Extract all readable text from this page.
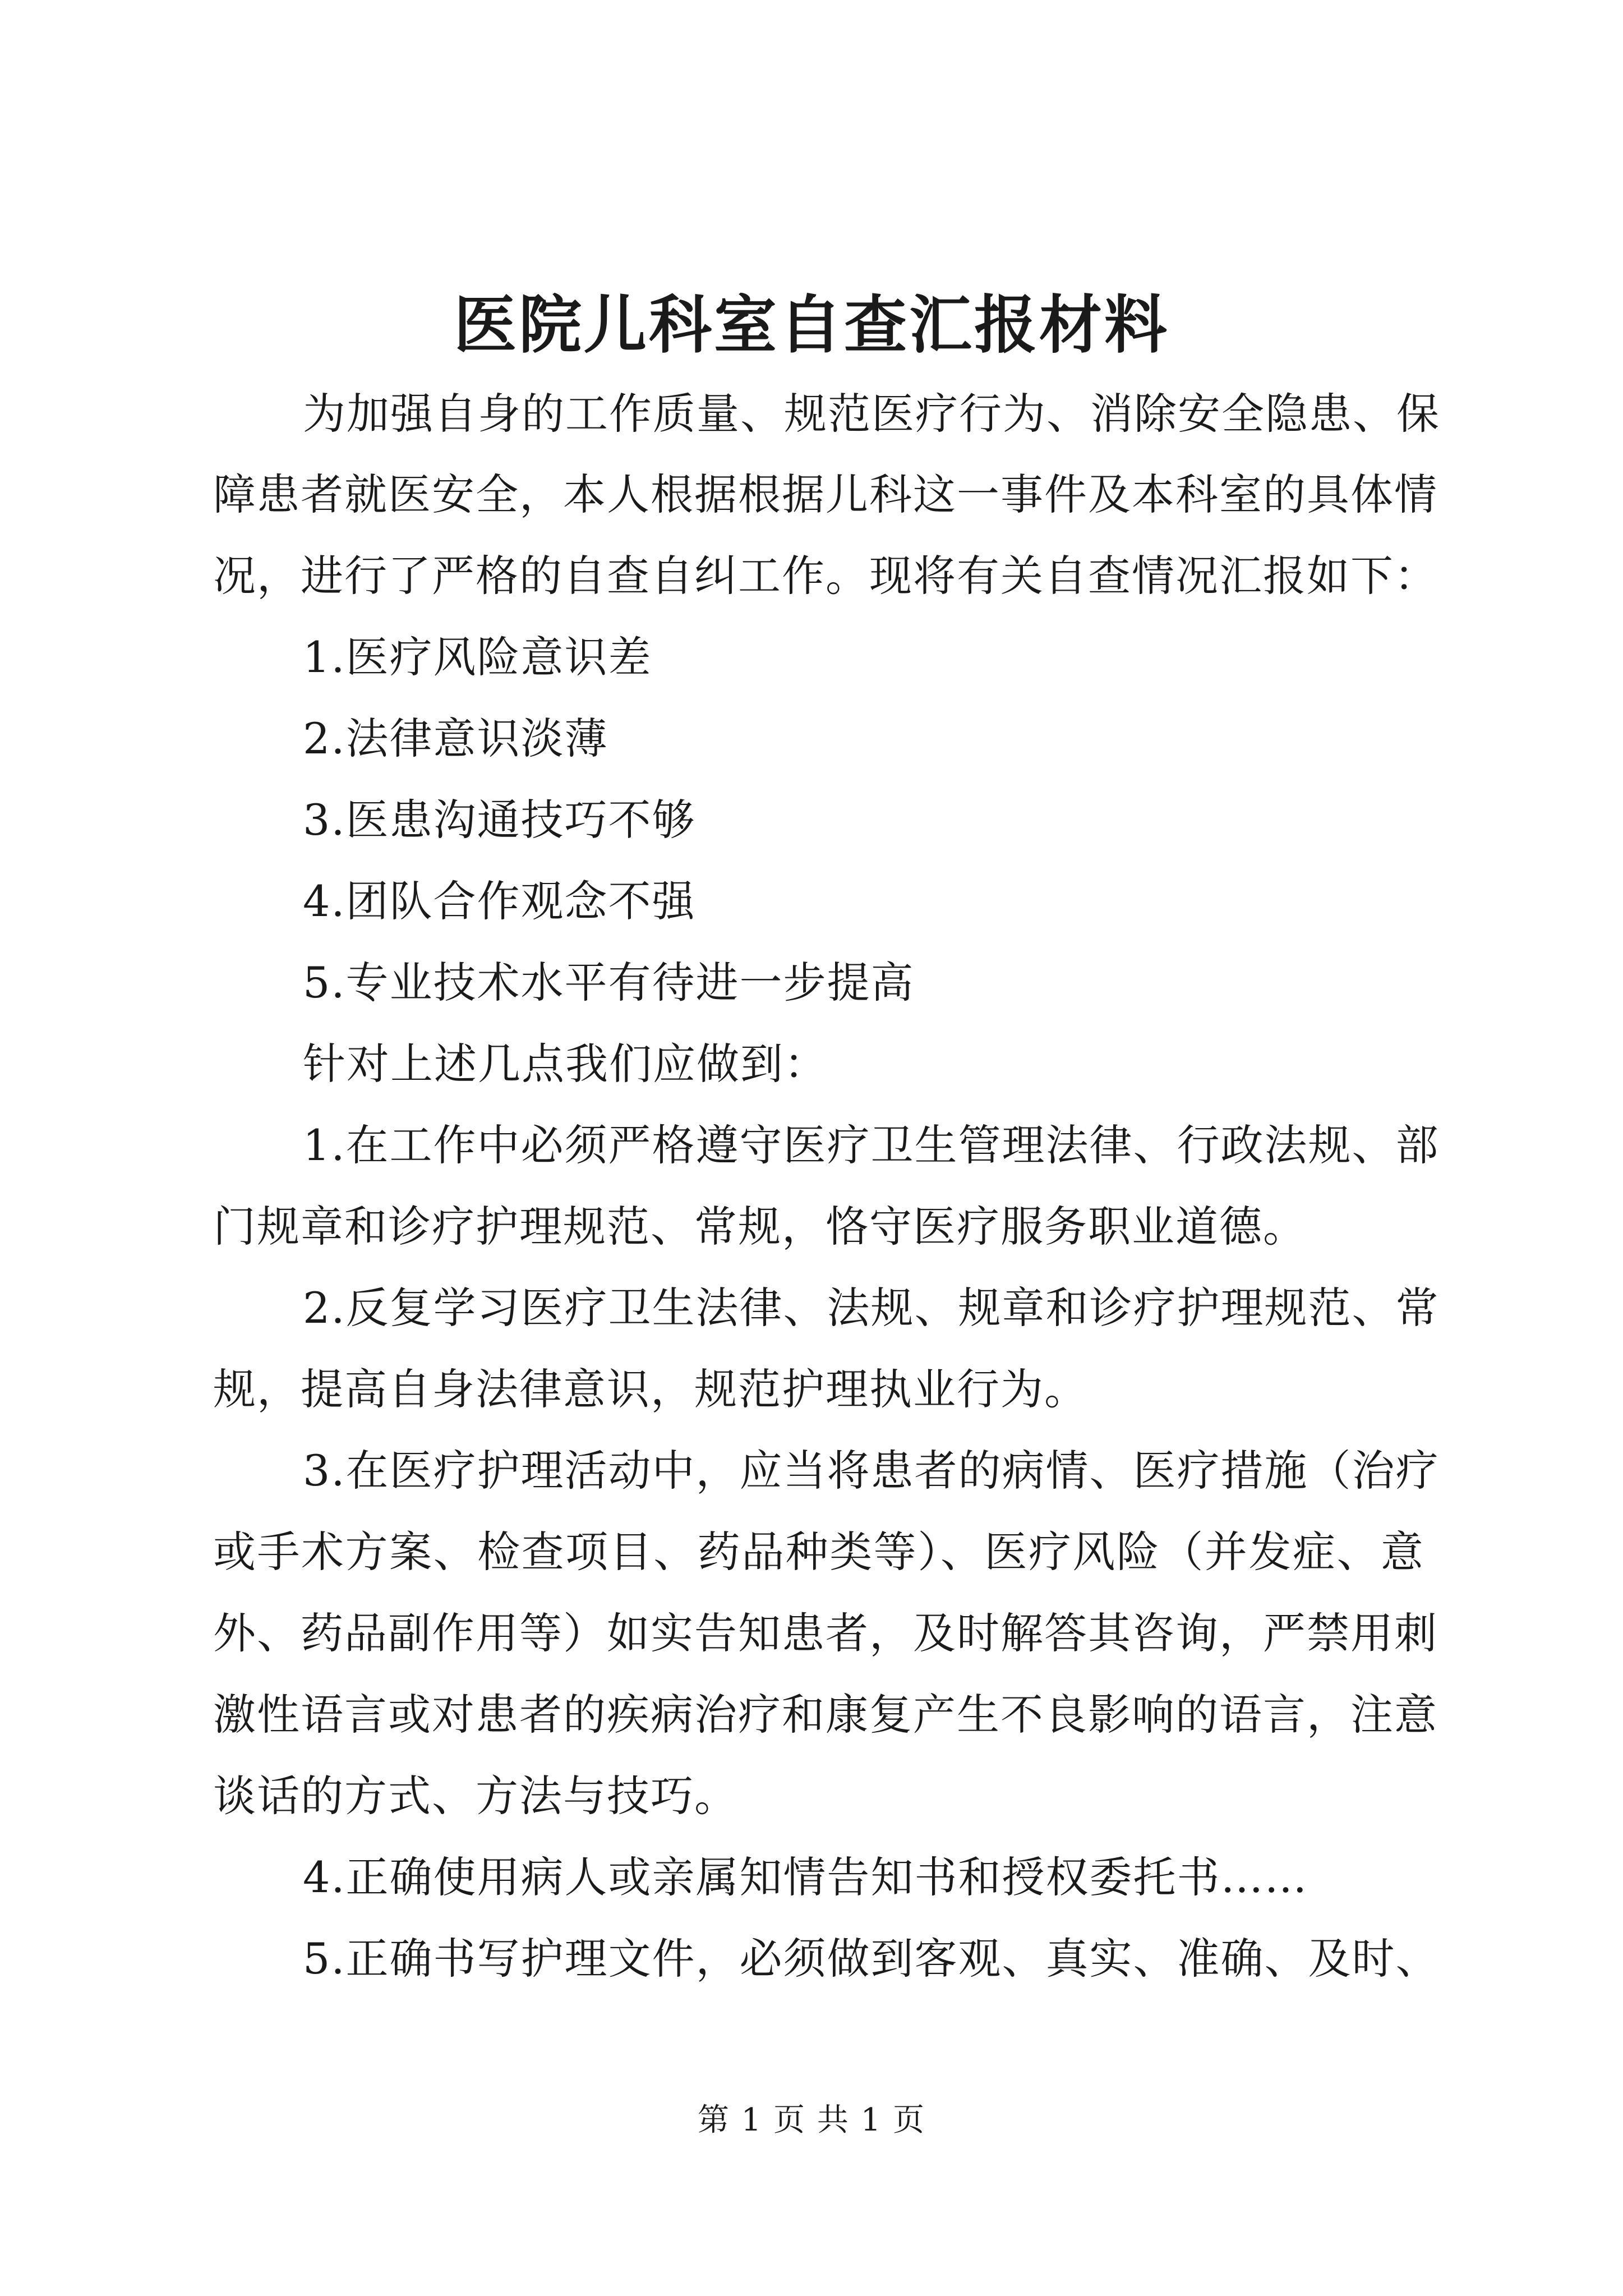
医院儿科室自查汇报材料
为加强自身的工作质量、规范医疗行为、消除安全隐患、保
障患者就医安全，本人根据根据儿科这一事件及本科室的具体情
况，进行了严格的自查自纠工作。现将有关自查情况汇报如下：
1.医疗风险意识差
2.法律意识淡薄
3.医患沟通技巧不够
4.团队合作观念不强
5.专业技术水平有待进一步提高
针对上述几点我们应做到：
1.在工作中必须严格遵守医疗卫生管理法律、行政法规、部
门规章和诊疗护理规范、常规，恪守医疗服务职业道德。
2.反复学习医疗卫生法律、法规、规章和诊疗护理规范、常
规，提高自身法律意识，规范护理执业行为。
3.在医疗护理活动中，应当将患者的病情、医疗措施（治疗
或手术方案、检查项目、药品种类等）、医疗风险（并发症、意
外、药品副作用等）如实告知患者，及时解答其咨询，严禁用刺
激性语言或对患者的疾病治疗和康复产生不良影响的语言，注意
谈话的方式、方法与技巧。
4.正确使用病人或亲属知情告知书和授权委托书……
5.正确书写护理文件，必须做到客观、真实、准确、及时、
第 1 页 共 1 页
